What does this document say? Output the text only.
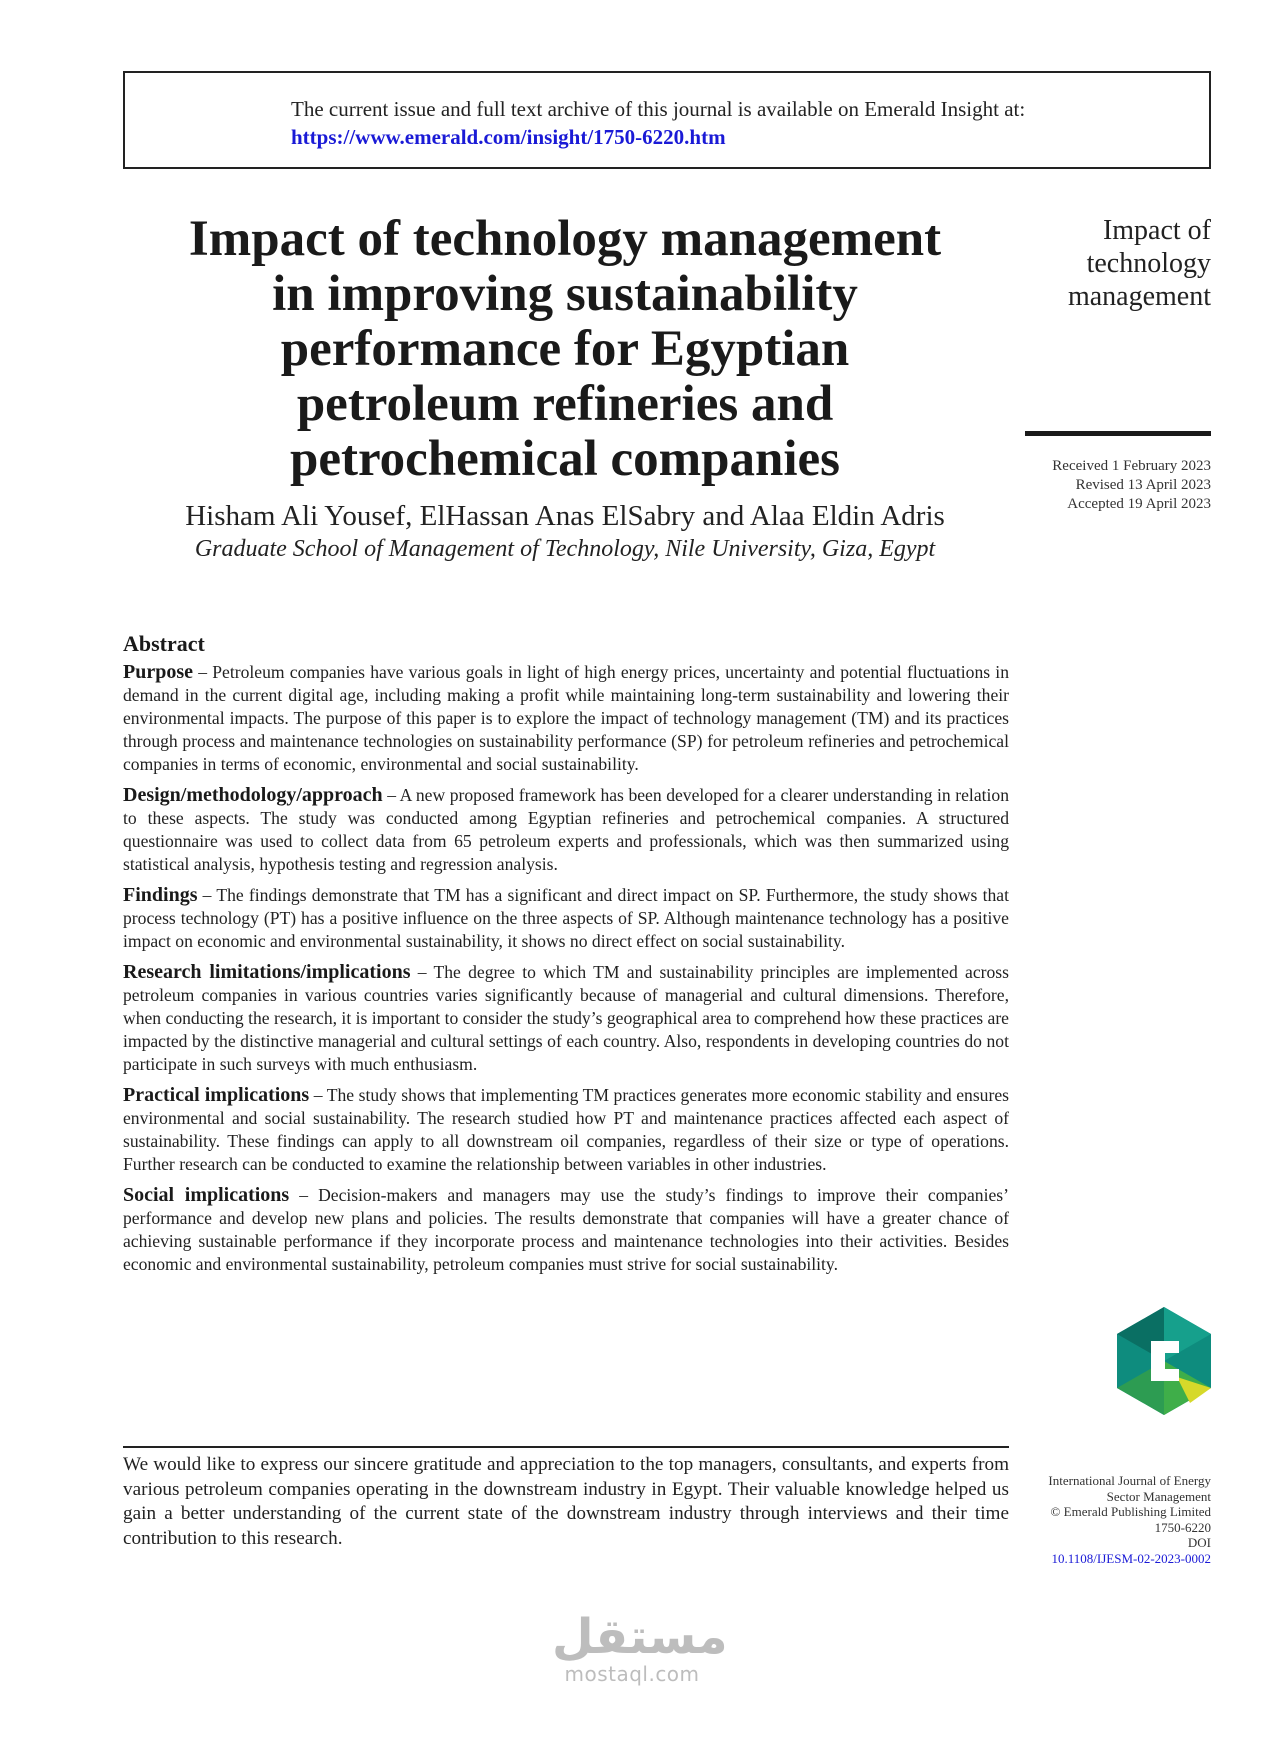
The current issue and full text archive of this journal is available on Emerald Insight at:
https://www.emerald.com/insight/1750-6220.htm
Impact of technology management
in improving sustainability
performance for Egyptian
petroleum refineries and
petrochemical companies
Impact of
technology
management
Received 1 February 2023
Revised 13 April 2023
Accepted 19 April 2023
Hisham Ali Yousef, ElHassan Anas ElSabry and Alaa Eldin Adris
Graduate School of Management of Technology, Nile University, Giza, Egypt
Abstract

Purpose – Petroleum companies have various goals in light of high energy prices, uncertainty and potential fluctuations in demand in the current digital age, including making a profit while maintaining long-term sustainability and lowering their environmental impacts. The purpose of this paper is to explore the impact of technology management (TM) and its practices through process and maintenance technologies on sustainability performance (SP) for petroleum refineries and petrochemical companies in terms of economic, environmental and social sustainability.

Design/methodology/approach – A new proposed framework has been developed for a clearer understanding in relation to these aspects. The study was conducted among Egyptian refineries and petrochemical companies. A structured questionnaire was used to collect data from 65 petroleum experts and professionals, which was then summarized using statistical analysis, hypothesis testing and regression analysis.

Findings – The findings demonstrate that TM has a significant and direct impact on SP. Furthermore, the study shows that process technology (PT) has a positive influence on the three aspects of SP. Although maintenance technology has a positive impact on economic and environmental sustainability, it shows no direct effect on social sustainability.

Research limitations/implications – The degree to which TM and sustainability principles are implemented across petroleum companies in various countries varies significantly because of managerial and cultural dimensions. Therefore, when conducting the research, it is important to consider the study’s geographical area to comprehend how these practices are impacted by the distinctive managerial and cultural settings of each country. Also, respondents in developing countries do not participate in such surveys with much enthusiasm.

Practical implications – The study shows that implementing TM practices generates more economic stability and ensures environmental and social sustainability. The research studied how PT and maintenance practices affected each aspect of sustainability. These findings can apply to all downstream oil companies, regardless of their size or type of operations. Further research can be conducted to examine the relationship between variables in other industries.

Social implications – Decision-makers and managers may use the study’s findings to improve their companies’ performance and develop new plans and policies. The results demonstrate that companies will have a greater chance of achieving sustainable performance if they incorporate process and maintenance technologies into their activities. Besides economic and environmental sustainability, petroleum companies must strive for social sustainability.

We would like to express our sincere gratitude and appreciation to the top managers, consultants, and experts from various petroleum companies operating in the downstream industry in Egypt. Their valuable knowledge helped us gain a better understanding of the current state of the downstream industry through interviews and their time contribution to this research.

International Journal of Energy
Sector Management
© Emerald Publishing Limited
1750-6220
DOI
10.1108/IJESM-02-2023-0002
مستقل
mostaql.com
